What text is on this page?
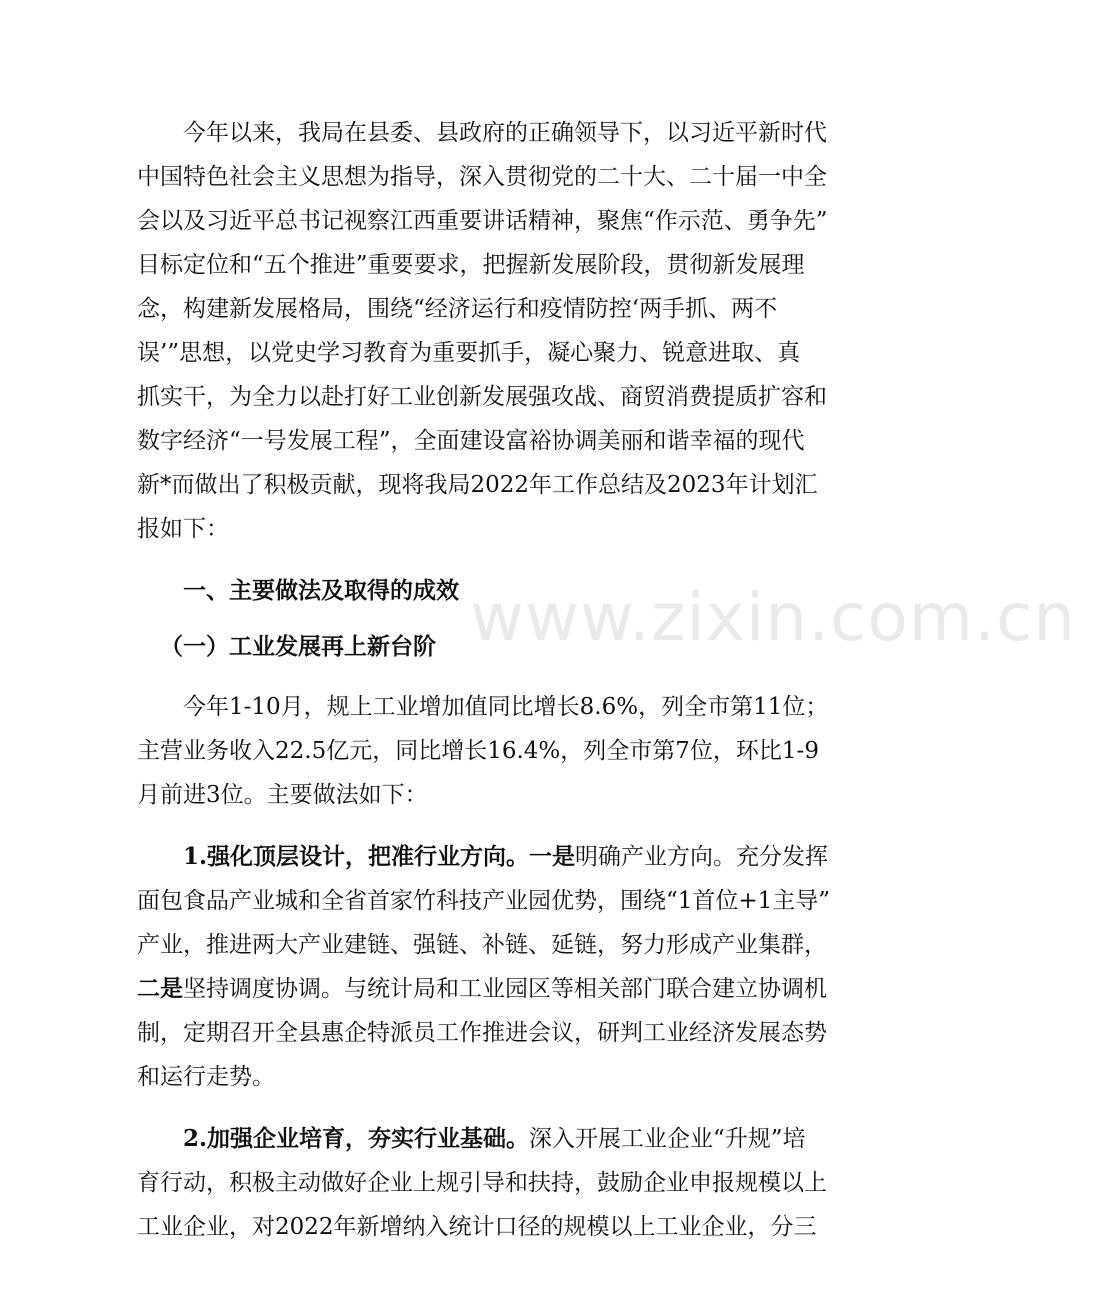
今年以来，我局在县委、县政府的正确领导下，以习近平新时代
中国特色社会主义思想为指导，深入贯彻党的二十大、二十届一中全
会以及习近平总书记视察江西重要讲话精神，聚焦“作示范、勇争先”
目标定位和“五个推进”重要要求，把握新发展阶段，贯彻新发展理
念，构建新发展格局，围绕“经济运行和疫情防控‘两手抓、两不
误’”思想，以党史学习教育为重要抓手，凝心聚力、锐意进取、真
抓实干，为全力以赴打好工业创新发展强攻战、商贸消费提质扩容和
数字经济“一号发展工程”，全面建设富裕协调美丽和谐幸福的现代
新*而做出了积极贡献，现将我局2022年工作总结及2023年计划汇
报如下：
一、主要做法及取得的成效
（一）工业发展再上新台阶
今年1-10月，规上工业增加值同比增长8.6%，列全市第11位；
主营业务收入22.5亿元，同比增长16.4%，列全市第7位，环比1-9
月前进3位。主要做法如下：
1.强化顶层设计，把准行业方向。一是明确产业方向。充分发挥
面包食品产业城和全省首家竹科技产业园优势，围绕“1首位+1主导”
产业，推进两大产业建链、强链、补链、延链，努力形成产业集群，
二是坚持调度协调。与统计局和工业园区等相关部门联合建立协调机
制，定期召开全县惠企特派员工作推进会议，研判工业经济发展态势
和运行走势。
2.加强企业培育，夯实行业基础。深入开展工业企业“升规”培
育行动，积极主动做好企业上规引导和扶持，鼓励企业申报规模以上
工业企业，对2022年新增纳入统计口径的规模以上工业企业，分三
www.zixin.com.cn
